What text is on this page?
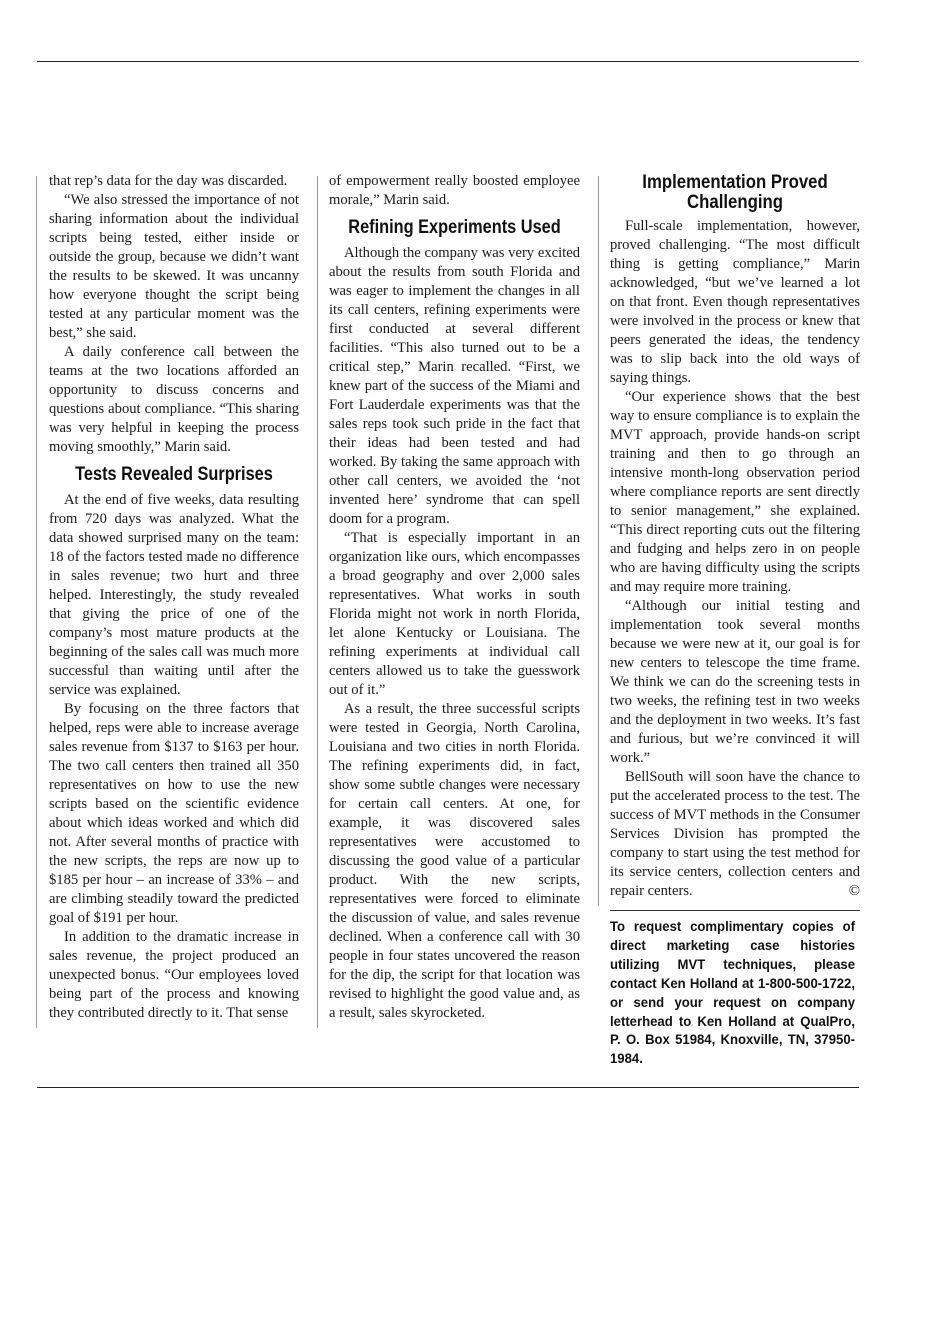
that rep’s data for the day was discarded.

“We also stressed the importance of not sharing information about the individual scripts being tested, either inside or outside the group, because we didn’t want the results to be skewed. It was uncanny how everyone thought the script being tested at any particular moment was the best,” she said.

A daily conference call between the teams at the two locations afforded an opportunity to discuss concerns and questions about compliance. “This sharing was very helpful in keeping the process moving smoothly,” Marin said.

Tests Revealed Surprises

At the end of five weeks, data resulting from 720 days was analyzed. What the data showed surprised many on the team: 18 of the factors tested made no difference in sales revenue; two hurt and three helped. Interestingly, the study revealed that giving the price of one of the company’s most mature products at the beginning of the sales call was much more successful than waiting until after the service was explained.

By focusing on the three factors that helped, reps were able to increase average sales revenue from $137 to $163 per hour. The two call centers then trained all 350 representatives on how to use the new scripts based on the scientific evidence about which ideas worked and which did not. After several months of practice with the new scripts, the reps are now up to $185 per hour – an increase of 33% – and are climbing steadily toward the predicted goal of $191 per hour.

In addition to the dramatic increase in sales revenue, the project produced an unexpected bonus. “Our employees loved being part of the process and knowing they contributed directly to it. That sense

of empowerment really boosted employee morale,” Marin said.

Refining Experiments Used

Although the company was very excited about the results from south Florida and was eager to implement the changes in all its call centers, refining experiments were first conducted at several different facilities. “This also turned out to be a critical step,” Marin recalled. “First, we knew part of the success of the Miami and Fort Lauderdale experiments was that the sales reps took such pride in the fact that their ideas had been tested and had worked. By taking the same approach with other call centers, we avoided the ‘not invented here’ syndrome that can spell doom for a program.

“That is especially important in an organization like ours, which encompasses a broad geography and over 2,000 sales representatives. What works in south Florida might not work in north Florida, let alone Kentucky or Louisiana. The refining experiments at individual call centers allowed us to take the guesswork out of it.”

As a result, the three successful scripts were tested in Georgia, North Carolina, Louisiana and two cities in north Florida. The refining experiments did, in fact, show some subtle changes were necessary for certain call centers. At one, for example, it was discovered sales representatives were accustomed to discussing the good value of a particular product. With the new scripts, representatives were forced to eliminate the discussion of value, and sales revenue declined. When a conference call with 30 people in four states uncovered the reason for the dip, the script for that location was revised to highlight the good value and, as a result, sales skyrocketed.

Implementation Proved Challenging

Full-scale implementation, however, proved challenging. “The most difficult thing is getting compliance,” Marin acknowledged, “but we’ve learned a lot on that front. Even though representatives were involved in the process or knew that peers generated the ideas, the tendency was to slip back into the old ways of saying things.

“Our experience shows that the best way to ensure compliance is to explain the MVT approach, provide hands-on script training and then to go through an intensive month-long observation period where compliance reports are sent directly to senior management,” she explained. “This direct reporting cuts out the filtering and fudging and helps zero in on people who are having difficulty using the scripts and may require more training.

“Although our initial testing and implementation took several months because we were new at it, our goal is for new centers to telescope the time frame. We think we can do the screening tests in two weeks, the refining test in two weeks and the deployment in two weeks. It’s fast and furious, but we’re convinced it will work.”

BellSouth will soon have the chance to put the accelerated process to the test. The success of MVT methods in the Consumer Services Division has prompted the company to start using the test method for its service centers, collection centers and repair centers.	©

To request complimentary copies of direct marketing case histories utilizing MVT techniques, please contact Ken Holland at 1-800-500-1722, or send your request on company letterhead to Ken Holland at QualPro, P. O. Box 51984, Knoxville, TN, 37950-1984.
